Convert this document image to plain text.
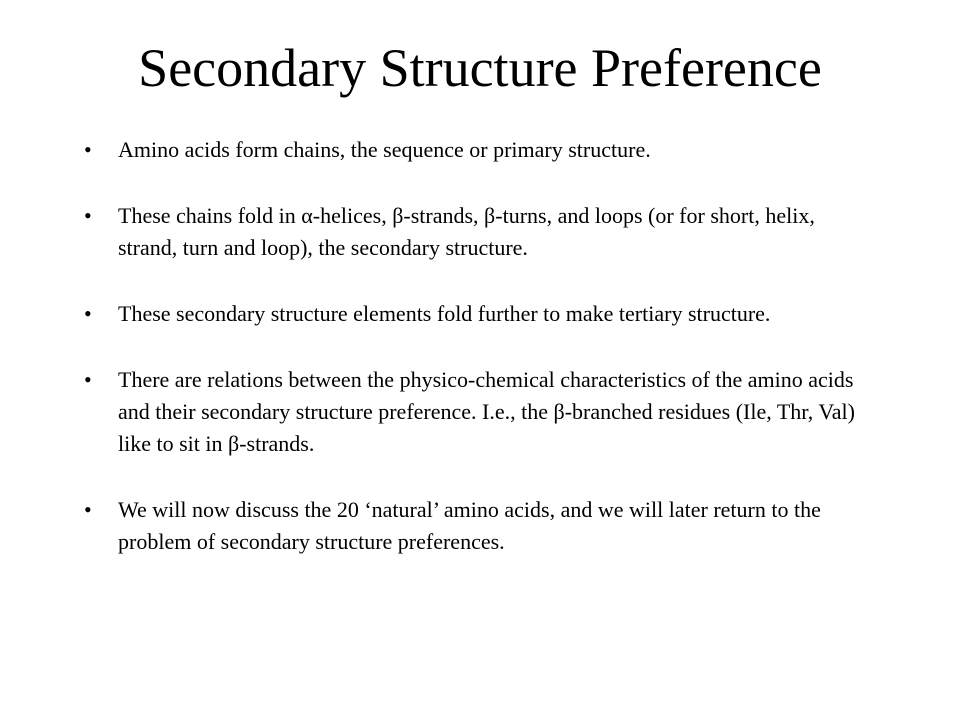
Secondary Structure Preference
• Amino acids form chains, the sequence or primary structure.
• These chains fold in α-helices, β-strands, β-turns, and loops (or for short, helix, strand, turn and loop), the secondary structure.
• These secondary structure elements fold further to make tertiary structure.
• There are relations between the physico-chemical characteristics of the amino acids and their secondary structure preference. I.e., the β-branched residues (Ile, Thr, Val) like to sit in β-strands.
• We will now discuss the 20 ‘natural’ amino acids, and we will later return to the problem of secondary structure preferences.
